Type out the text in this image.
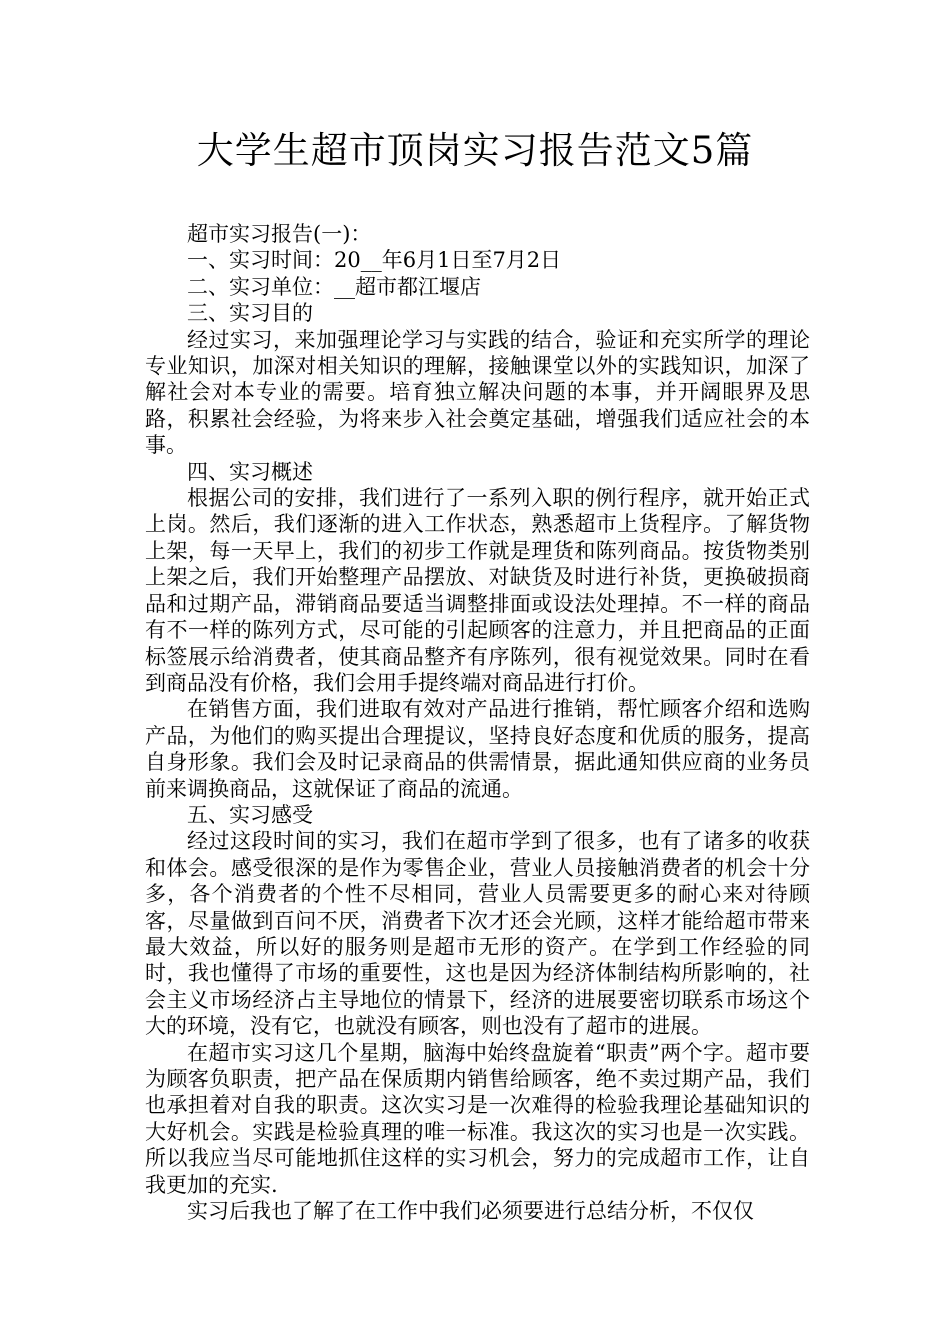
大学生超市顶岗实习报告范文5篇

超市实习报告(一)：

一、实习时间：20__年6月1日至7月2日

二、实习单位：__超市都江堰店

三、实习目的

经过实习，来加强理论学习与实践的结合，验证和充实所学的理论专业知识，加深对相关知识的理解，接触课堂以外的实践知识，加深了解社会对本专业的需要。培育独立解决问题的本事，并开阔眼界及思路，积累社会经验，为将来步入社会奠定基础，增强我们适应社会的本事。

四、实习概述

根据公司的安排，我们进行了一系列入职的例行程序，就开始正式上岗。然后，我们逐渐的进入工作状态，熟悉超市上货程序。了解货物上架，每一天早上，我们的初步工作就是理货和陈列商品。按货物类别上架之后，我们开始整理产品摆放、对缺货及时进行补货，更换破损商品和过期产品，滞销商品要适当调整排面或设法处理掉。不一样的商品有不一样的陈列方式，尽可能的引起顾客的注意力，并且把商品的正面标签展示给消费者，使其商品整齐有序陈列，很有视觉效果。同时在看到商品没有价格，我们会用手提终端对商品进行打价。

在销售方面，我们进取有效对产品进行推销，帮忙顾客介绍和选购产品，为他们的购买提出合理提议，坚持良好态度和优质的服务，提高自身形象。我们会及时记录商品的供需情景，据此通知供应商的业务员前来调换商品，这就保证了商品的流通。

五、实习感受

经过这段时间的实习，我们在超市学到了很多，也有了诸多的收获和体会。感受很深的是作为零售企业，营业人员接触消费者的机会十分多，各个消费者的个性不尽相同，营业人员需要更多的耐心来对待顾客，尽量做到百问不厌，消费者下次才还会光顾，这样才能给超市带来最大效益，所以好的服务则是超市无形的资产。在学到工作经验的同时，我也懂得了市场的重要性，这也是因为经济体制结构所影响的，社会主义市场经济占主导地位的情景下，经济的进展要密切联系市场这个大的环境，没有它，也就没有顾客，则也没有了超市的进展。

在超市实习这几个星期，脑海中始终盘旋着“职责”两个字。超市要为顾客负职责，把产品在保质期内销售给顾客，绝不卖过期产品，我们也承担着对自我的职责。这次实习是一次难得的检验我理论基础知识的大好机会。实践是检验真理的唯一标准。我这次的实习也是一次实践。所以我应当尽可能地抓住这样的实习机会，努力的完成超市工作，让自我更加的充实.

实习后我也了解了在工作中我们必须要进行总结分析，不仅仅
